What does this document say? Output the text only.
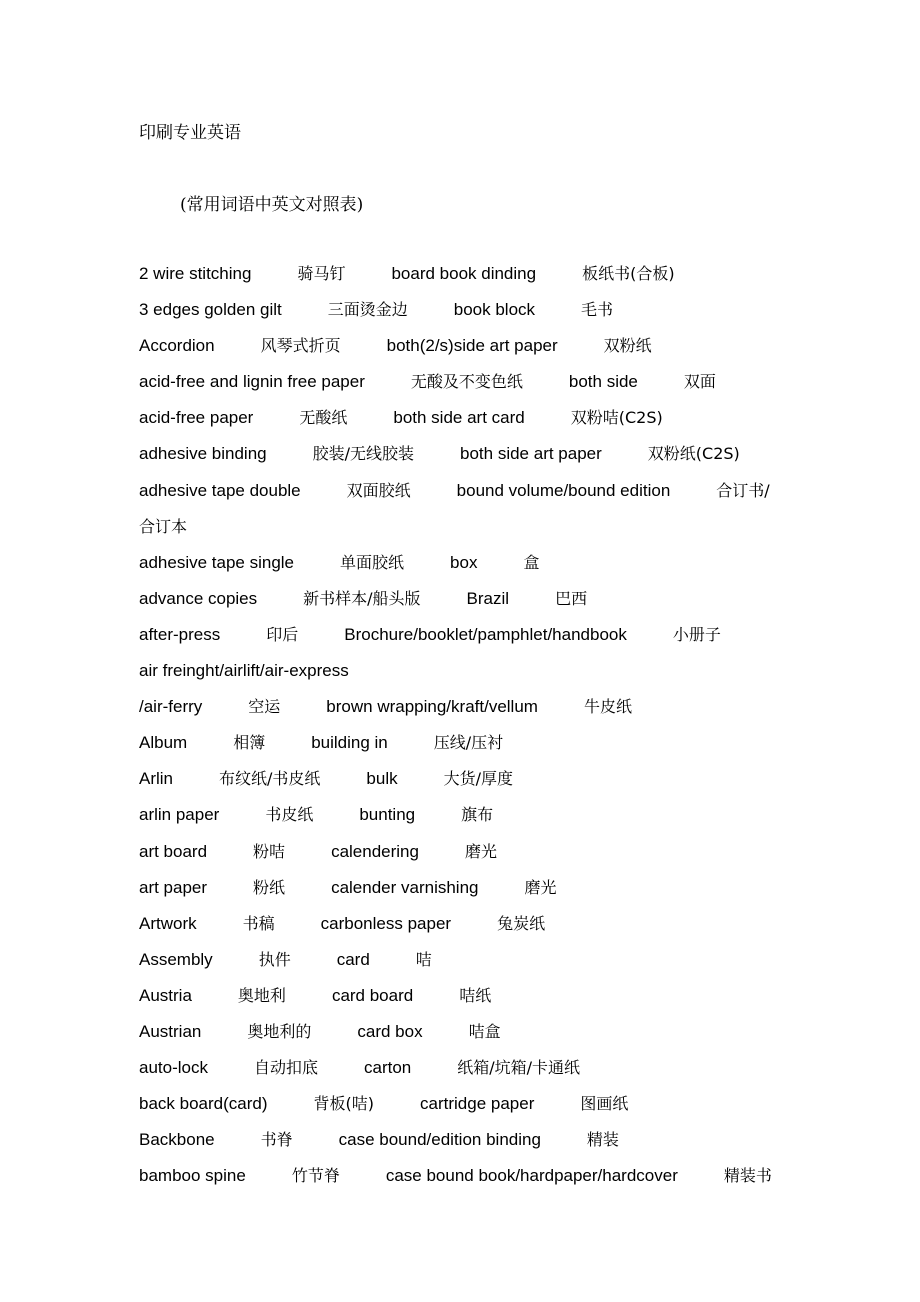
印刷专业英语
(常用词语中英文对照表)
2 wire stitching	骑马钉	board book dinding	板纸书(合板)
3 edges golden gilt	三面烫金边	book block	毛书
Accordion	风琴式折页	both(2/s)side art paper	双粉纸
acid-free and lignin free paper	无酸及不变色纸	both side	双面
acid-free paper	无酸纸	both side art card	双粉咭(C2S)
adhesive binding	胶装/无线胶装	both side art paper	双粉纸(C2S)
adhesive tape double	双面胶纸	bound volume/bound edition	合订书/
合订本
adhesive tape single	单面胶纸	box	盒
advance copies	新书样本/船头版	Brazil	巴西
after-press	印后	Brochure/booklet/pamphlet/handbook	小册子
air freinght/airlift/air-express
/air-ferry	空运	brown wrapping/kraft/vellum	牛皮纸
Album	相簿	building in	压线/压衬
Arlin	布纹纸/书皮纸	bulk	大货/厚度
arlin paper	书皮纸	bunting	旗布
art board	粉咭	calendering	磨光
art paper	粉纸	calender varnishing	磨光
Artwork	书稿	carbonless paper	兔炭纸
Assembly	执件	card	咭
Austria	奥地利	card board	咭纸
Austrian	奥地利的	card box	咭盒
auto-lock	自动扣底	carton	纸箱/坑箱/卡通纸
back board(card)	背板(咭)	cartridge paper	图画纸
Backbone	书脊	case bound/edition binding	精装
bamboo spine	竹节脊	case bound book/hardpaper/hardcover	精装书
